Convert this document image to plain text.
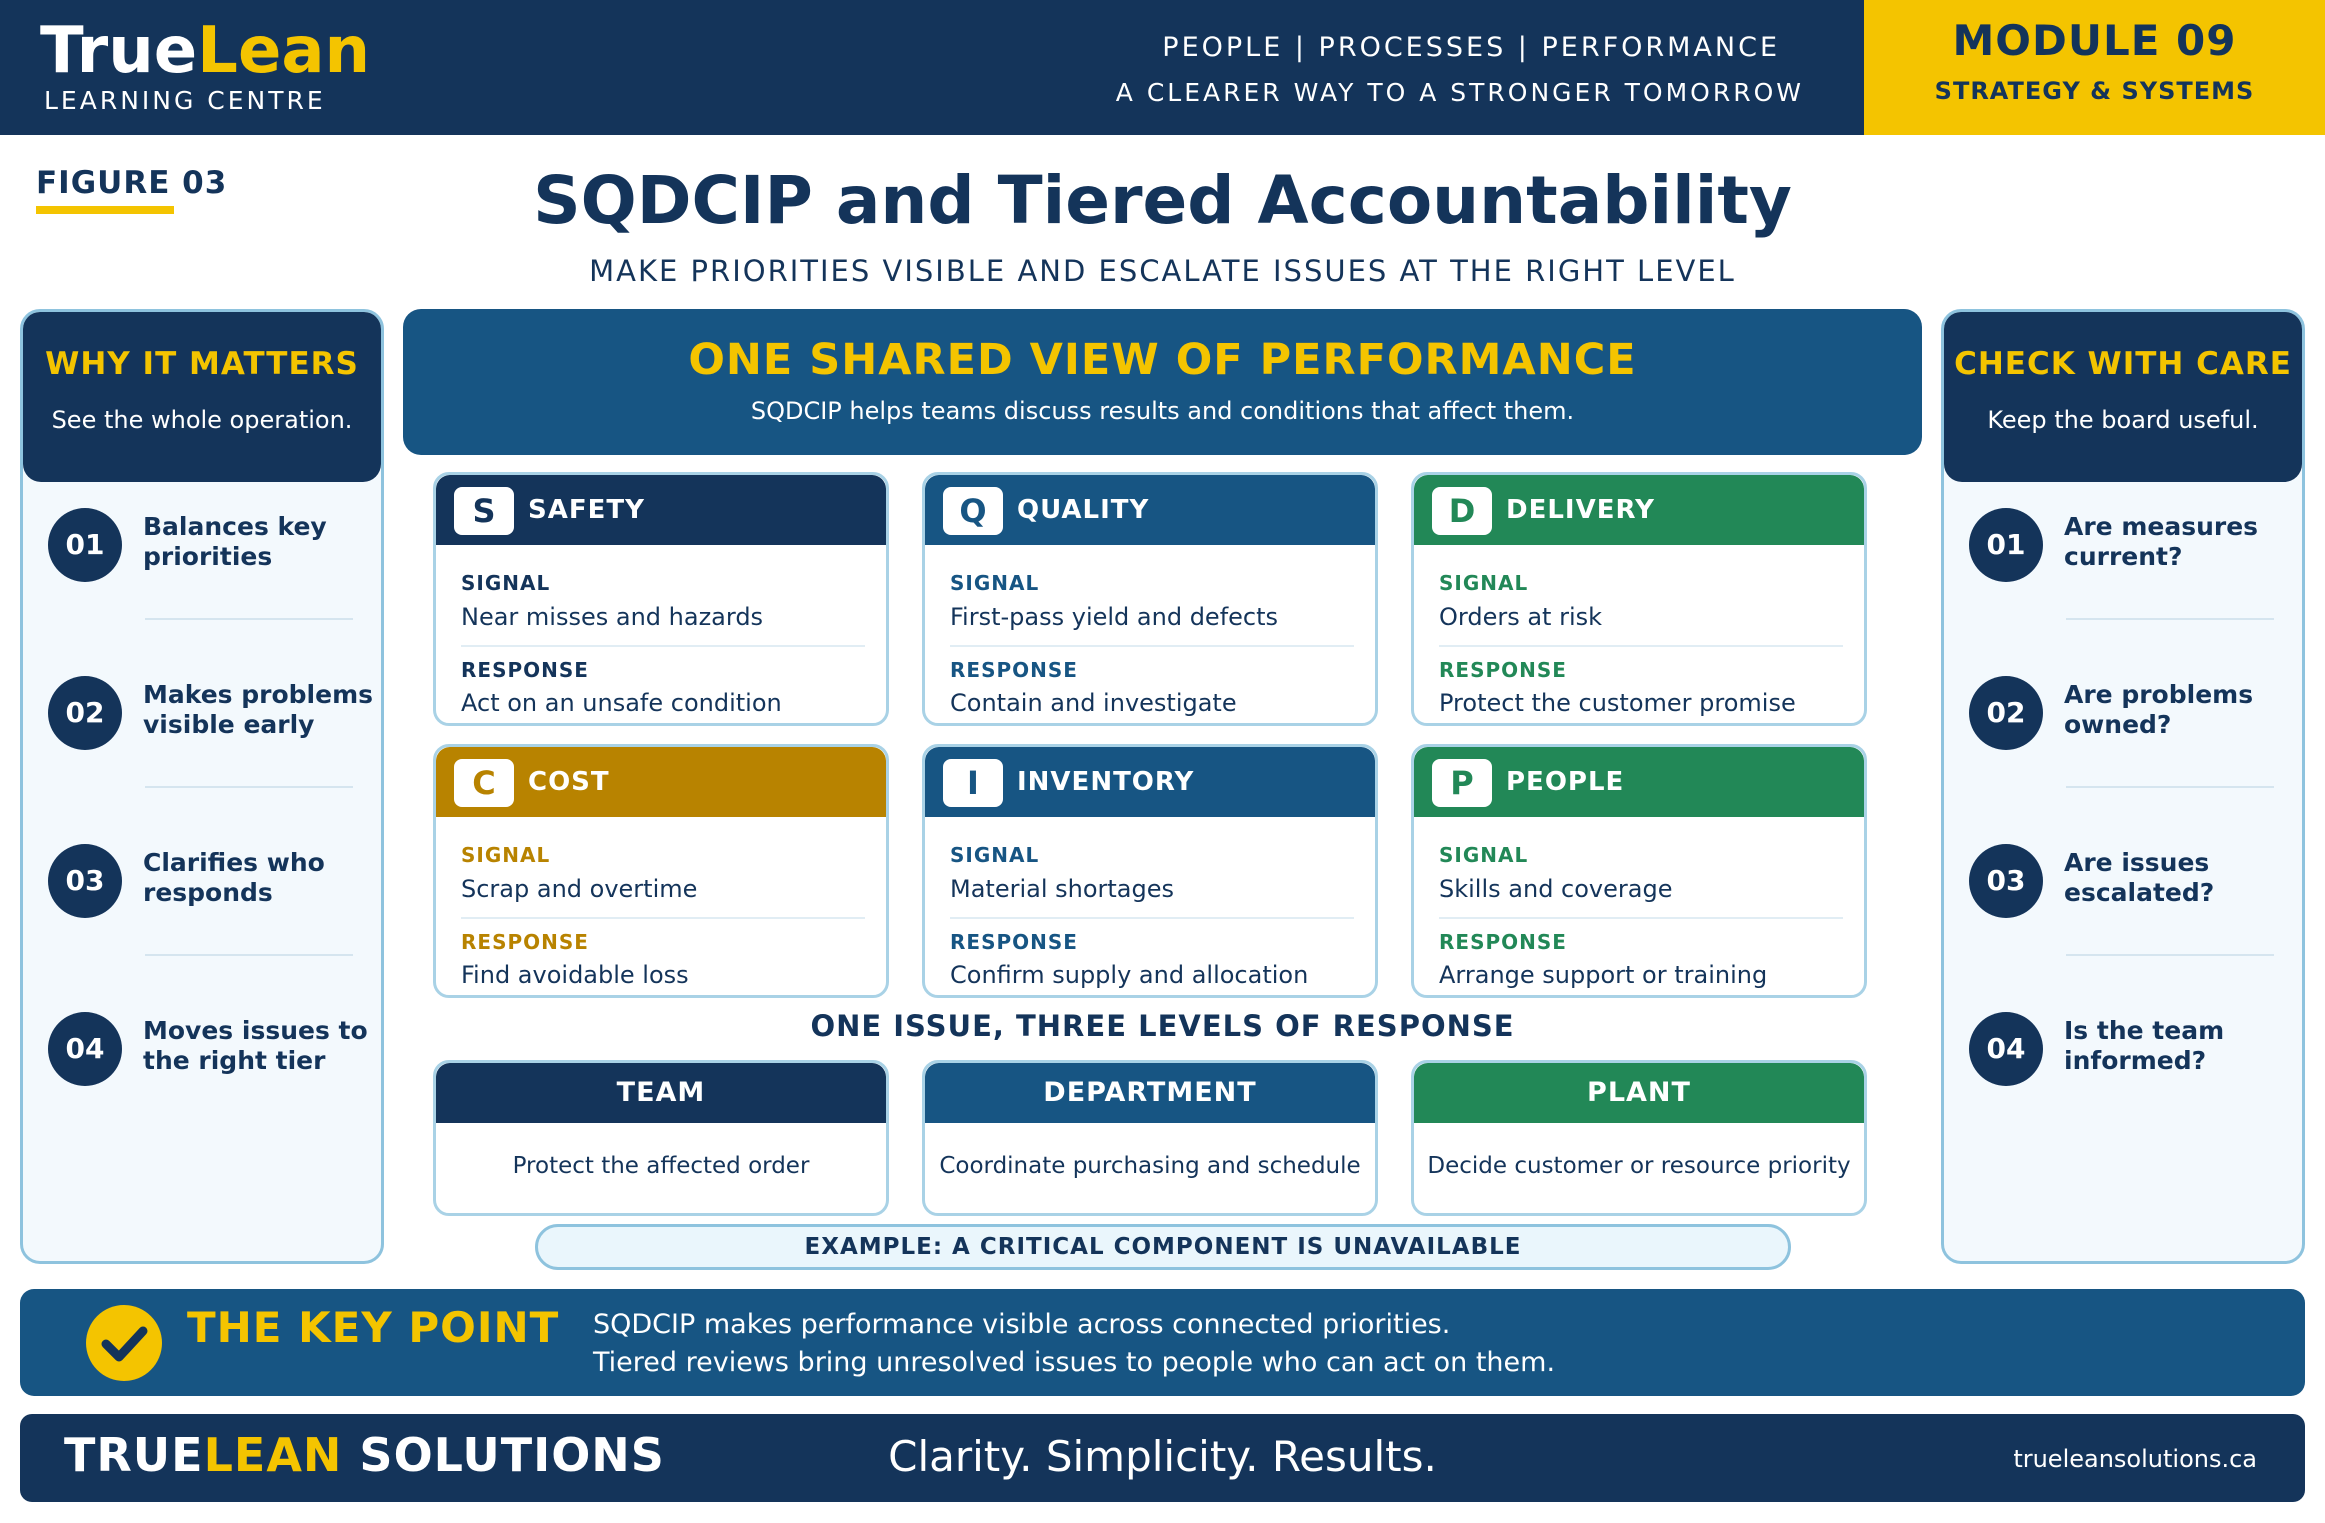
TrueLean
LEARNING CENTRE
PEOPLE | PROCESSES | PERFORMANCE
A CLEARER WAY TO A STRONGER TOMORROW
MODULE 09
STRATEGY & SYSTEMS
FIGURE 03	SQDCIP and Tiered Accountability
MAKE PRIORITIES VISIBLE AND ESCALATE ISSUES AT THE RIGHT LEVEL
WHY IT MATTERS
See the whole operation.
01
Balances key priorities
02
Makes problems visible early
03
Clarifies who responds
04
Moves issues to the right tier
CHECK WITH CARE
Keep the board useful.
01
Are measures current?
02
Are problems owned?
03
Are issues escalated?
04
Is the team informed?
ONE SHARED VIEW OF PERFORMANCE
SQDCIP helps teams discuss results and conditions that affect them.
S	SAFETY
SIGNAL
Near misses and hazards
RESPONSE
Act on an unsafe condition
Q	QUALITY
SIGNAL
First-pass yield and defects
RESPONSE
Contain and investigate
D	DELIVERY
SIGNAL
Orders at risk
RESPONSE
Protect the customer promise
C	COST
SIGNAL
Scrap and overtime
RESPONSE
Find avoidable loss
I	INVENTORY
SIGNAL
Material shortages
RESPONSE
Confirm supply and allocation
P	PEOPLE
SIGNAL
Skills and coverage
RESPONSE
Arrange support or training
ONE ISSUE, THREE LEVELS OF RESPONSE
TEAM
Protect the affected order
DEPARTMENT
Coordinate purchasing and schedule
PLANT
Decide customer or resource priority
EXAMPLE: A CRITICAL COMPONENT IS UNAVAILABLE
THE KEY POINT SQDCIP makes performance visible across connected priorities.
Tiered reviews bring unresolved issues to people who can act on them.
TRUELEAN SOLUTIONS	Clarity. Simplicity. Results.	trueleansolutions.ca
